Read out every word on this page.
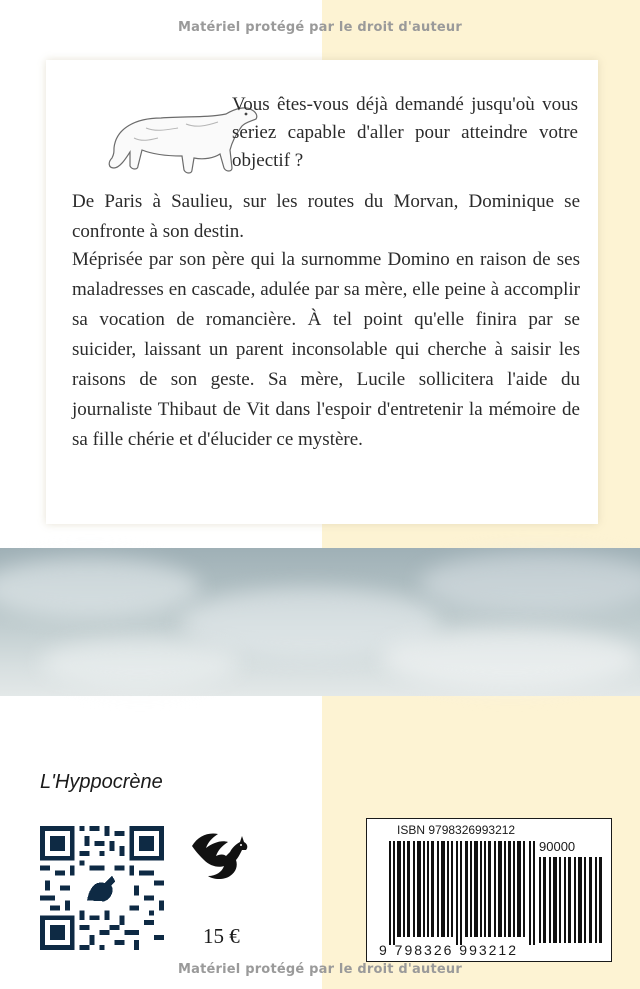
Matériel protégé par le droit d'auteur
Vous êtes-vous déjà demandé jusqu'où vous seriez capable d'aller pour atteindre votre objectif ?
De Paris à Saulieu, sur les routes du Morvan, Dominique se confronte à son destin.
Méprisée par son père qui la surnomme Domino en raison de ses maladresses en cascade, adulée par sa mère, elle peine à accomplir sa vocation de romancière. À tel point qu'elle finira par se suicider, laissant un parent inconsolable qui cherche à saisir les raisons de son geste. Sa mère, Lucile sollicitera l'aide du journaliste Thibaut de Vit dans l'espoir d'entretenir la mémoire de sa fille chérie et d'élucider ce mystère.
L'Hyppocrène
15 €
ISBN 9798326993212
90000
9 798326 993212
Matériel protégé par le droit d'auteur
